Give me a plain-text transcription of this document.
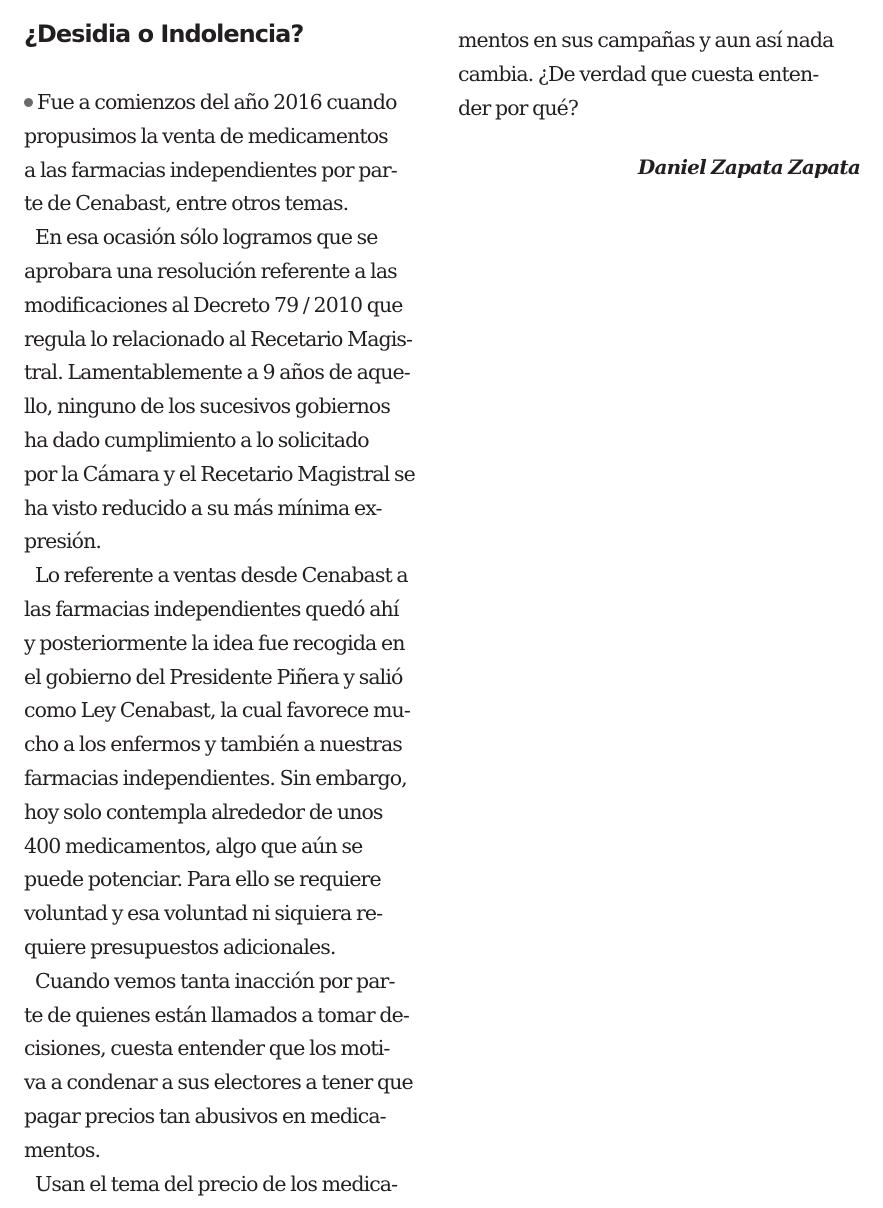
¿Desidia o Indolencia?
Fue a comienzos del año 2016 cuando
propusimos la venta de medicamentos
a las farmacias independientes por par-
te de Cenabast, entre otros temas.
En esa ocasión sólo logramos que se
aprobara una resolución referente a las
modificaciones al Decreto 79 / 2010 que
regula lo relacionado al Recetario Magis-
tral. Lamentablemente a 9 años de aque-
llo, ninguno de los sucesivos gobiernos
ha dado cumplimiento a lo solicitado
por la Cámara y el Recetario Magistral se
ha visto reducido a su más mínima ex-
presión.
Lo referente a ventas desde Cenabast a
las farmacias independientes quedó ahí
y posteriormente la idea fue recogida en
el gobierno del Presidente Piñera y salió
como Ley Cenabast, la cual favorece mu-
cho a los enfermos y también a nuestras
farmacias independientes. Sin embargo,
hoy solo contempla alrededor de unos
400 medicamentos, algo que aún se
puede potenciar. Para ello se requiere
voluntad y esa voluntad ni siquiera re-
quiere presupuestos adicionales.
Cuando vemos tanta inacción por par-
te de quienes están llamados a tomar de-
cisiones, cuesta entender que los moti-
va a condenar a sus electores a tener que
pagar precios tan abusivos en medica-
mentos.
Usan el tema del precio de los medica-
mentos en sus campañas y aun así nada
cambia. ¿De verdad que cuesta enten-
der por qué?
Daniel Zapata Zapata
